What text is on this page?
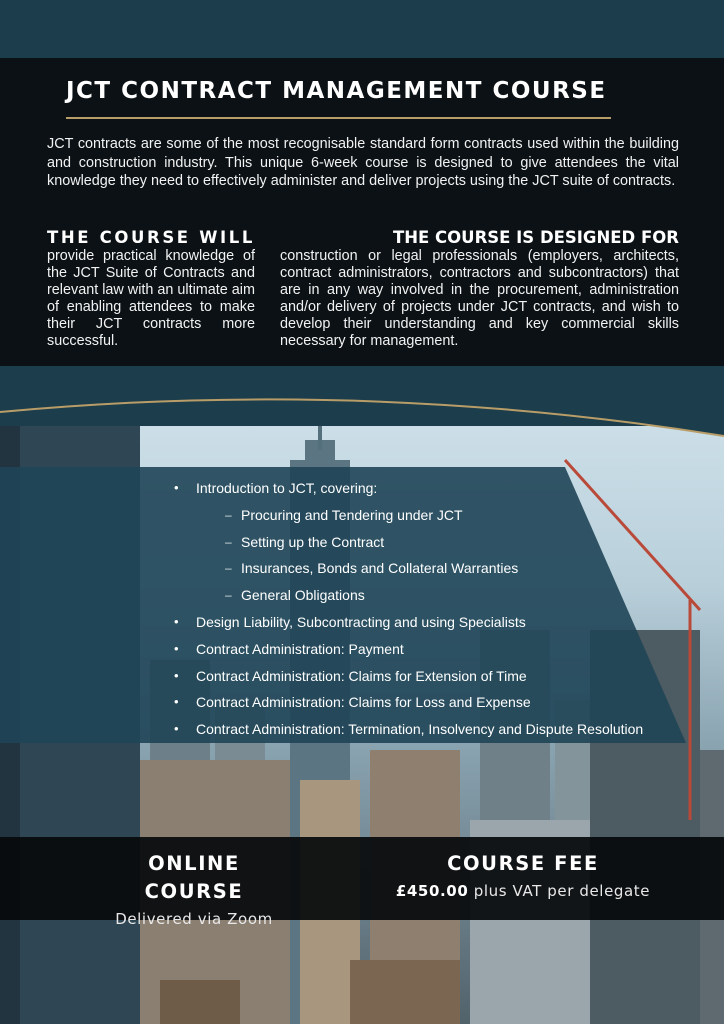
JCT CONTRACT MANAGEMENT COURSE

JCT contracts are some of the most recognisable standard form contracts used within the building and construction industry. This unique 6-week course is designed to give attendees the vital knowledge they need to effectively administer and deliver projects using the JCT suite of contracts.

THE COURSE WILL

provide practical knowledge of the JCT Suite of Contracts and relevant law with an ultimate aim of enabling attendees to make their JCT contracts more successful.

THE COURSE IS DESIGNED FOR

construction or legal professionals (employers, architects, contract administrators, contractors and subcontractors) that are in any way involved in the procurement, administration and/or delivery of projects under JCT contracts, and wish to develop their understanding and key commercial skills necessary for management.

• Introduction to JCT, covering:
– Procuring and Tendering under JCT
– Setting up the Contract
– Insurances, Bonds and Collateral Warranties
– General Obligations
• Design Liability, Subcontracting and using Specialists
• Contract Administration: Payment
• Contract Administration: Claims for Extension of Time
• Contract Administration: Claims for Loss and Expense
• Contract Administration: Termination, Insolvency and Dispute Resolution
ONLINE COURSE
Delivered via Zoom
COURSE FEE
£450.00 plus VAT per delegate
